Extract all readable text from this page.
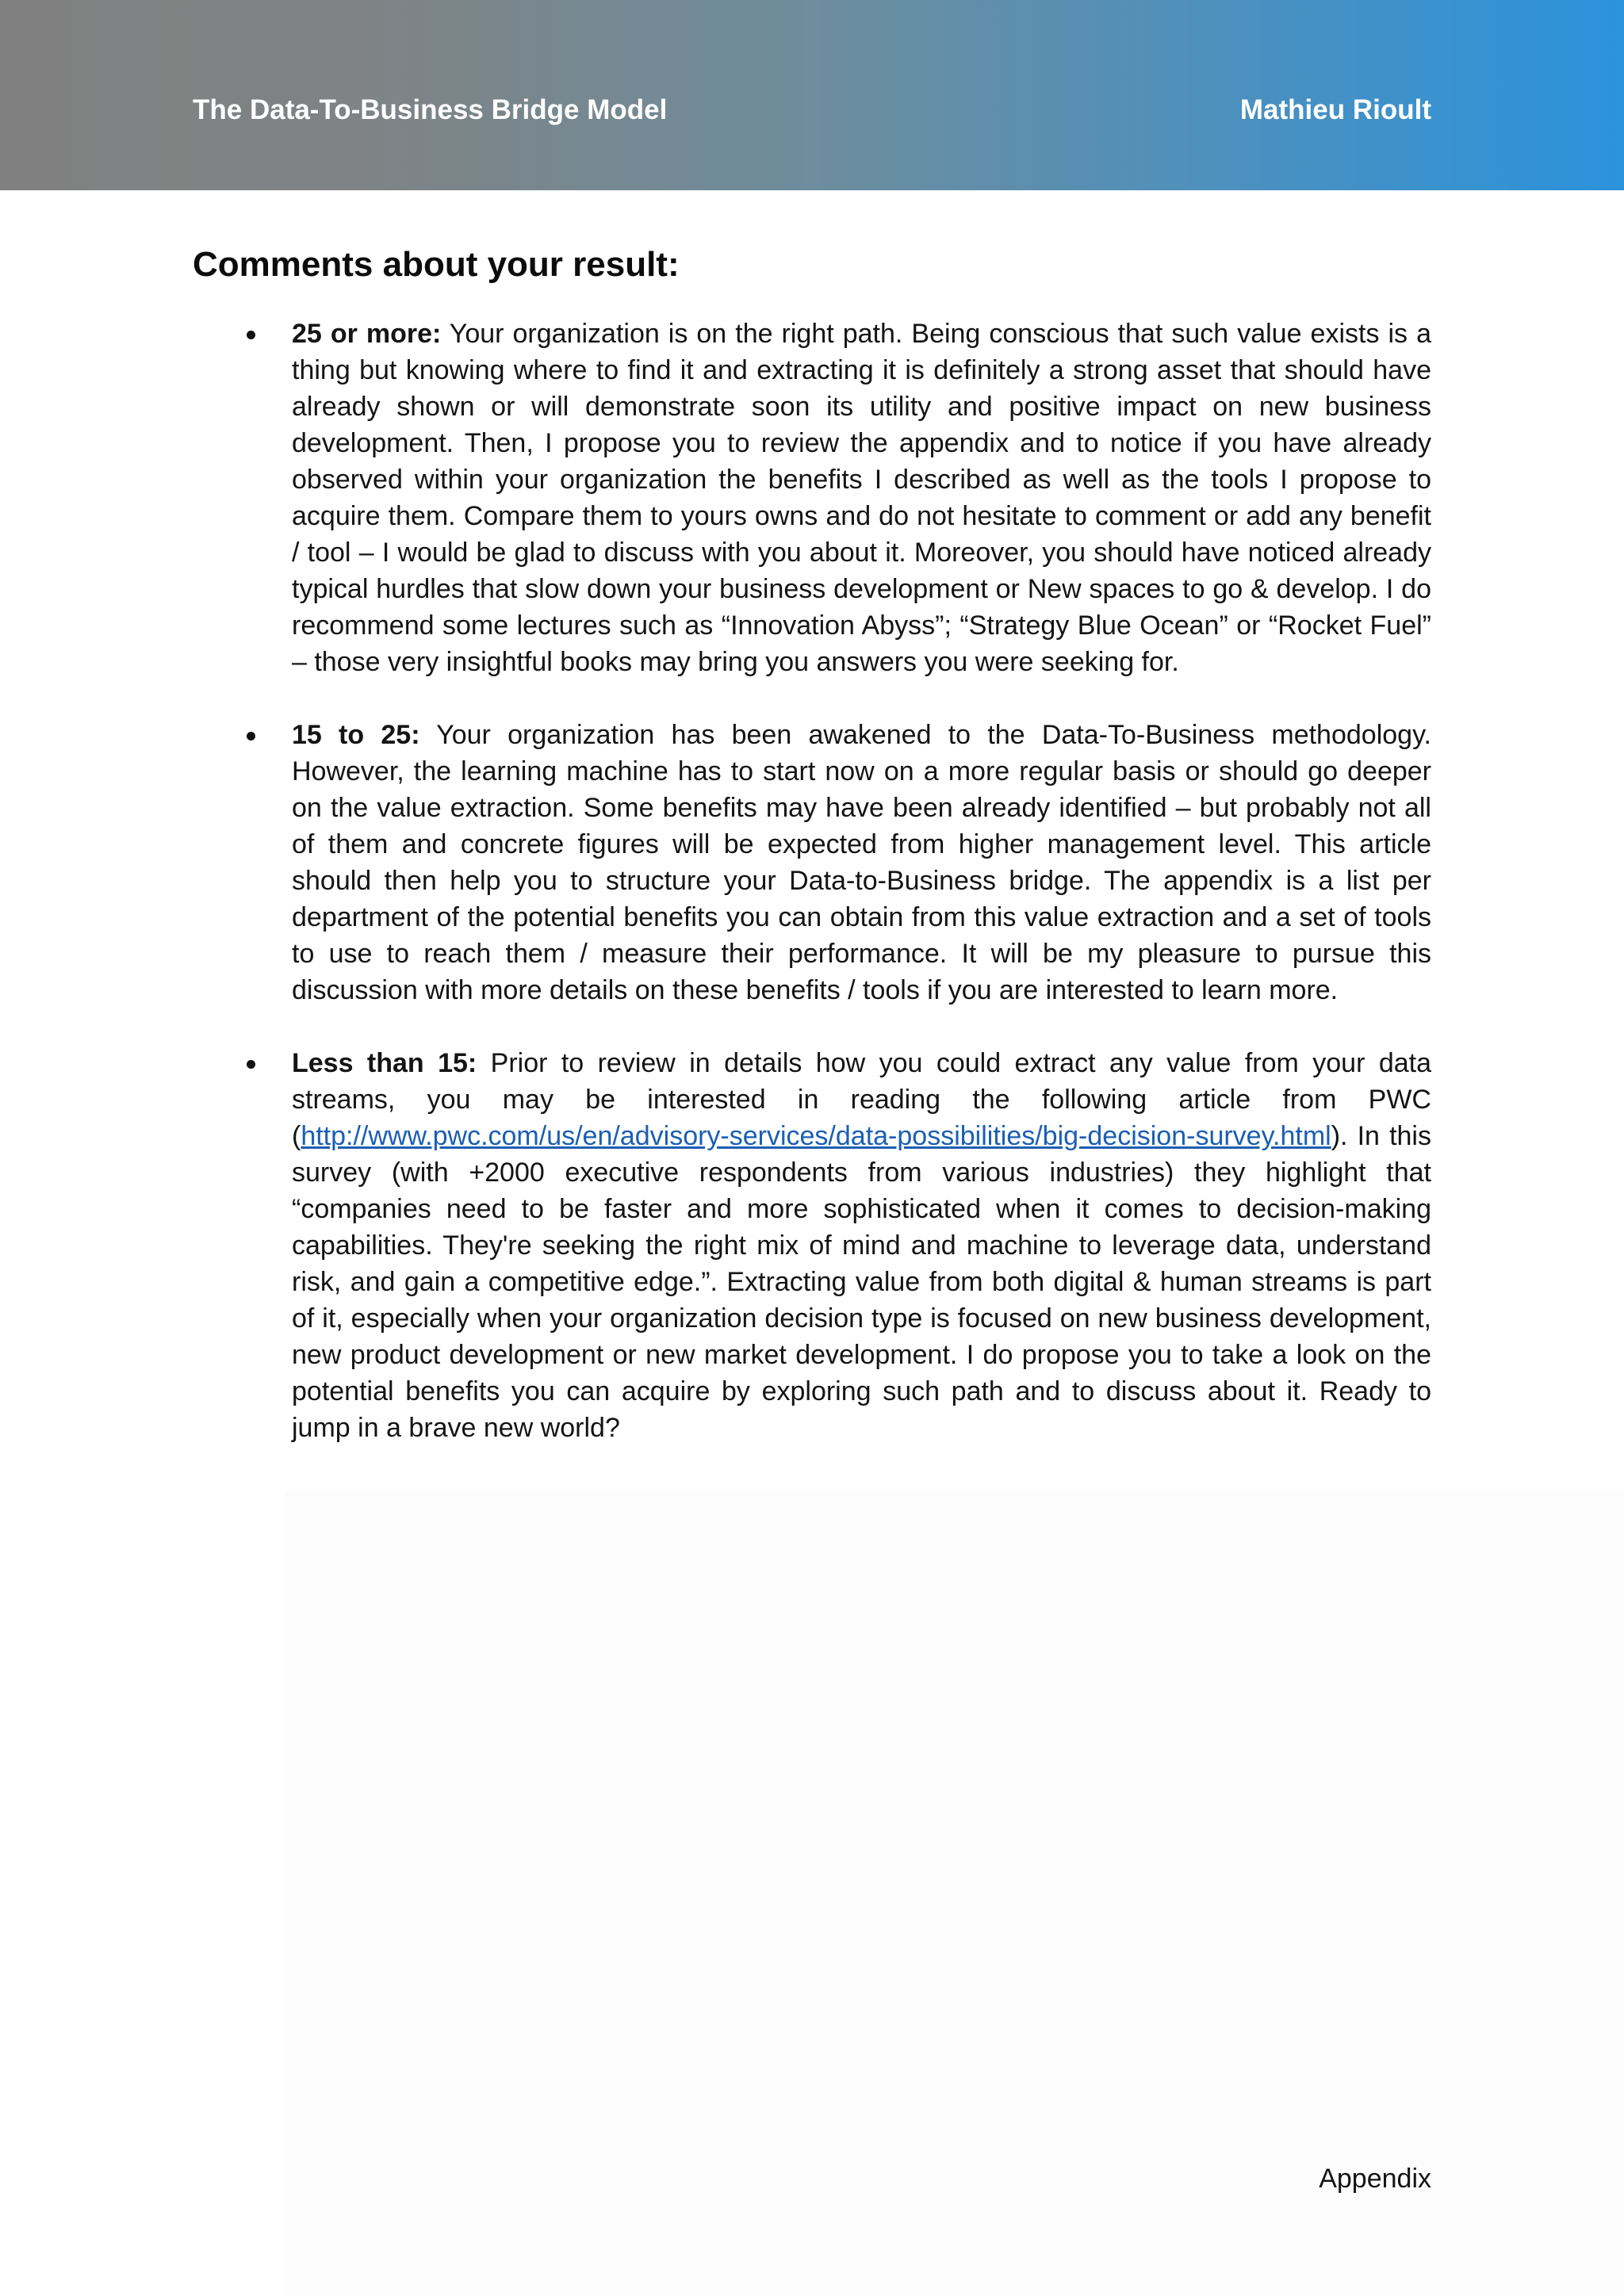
The Data-To-Business Bridge Model	Mathieu Rioult
Comments about your result:
25 or more: Your organization is on the right path. Being conscious that such value exists is a thing but knowing where to find it and extracting it is definitely a strong asset that should have already shown or will demonstrate soon its utility and positive impact on new business development. Then, I propose you to review the appendix and to notice if you have already observed within your organization the benefits I described as well as the tools I propose to acquire them. Compare them to yours owns and do not hesitate to comment or add any benefit / tool – I would be glad to discuss with you about it. Moreover, you should have noticed already typical hurdles that slow down your business development or New spaces to go & develop. I do recommend some lectures such as “Innovation Abyss”; “Strategy Blue Ocean” or “Rocket Fuel” – those very insightful books may bring you answers you were seeking for.
15 to 25: Your organization has been awakened to the Data-To-Business methodology. However, the learning machine has to start now on a more regular basis or should go deeper on the value extraction. Some benefits may have been already identified – but probably not all of them and concrete figures will be expected from higher management level. This article should then help you to structure your Data-to-Business bridge. The appendix is a list per department of the potential benefits you can obtain from this value extraction and a set of tools to use to reach them / measure their performance. It will be my pleasure to pursue this discussion with more details on these benefits / tools if you are interested to learn more.
Less than 15: Prior to review in details how you could extract any value from your data streams, you may be interested in reading the following article from PWC (http://www.pwc.com/us/en/advisory-services/data-possibilities/big-decision-survey.html). In this survey (with +2000 executive respondents from various industries) they highlight that “companies need to be faster and more sophisticated when it comes to decision-making capabilities. They're seeking the right mix of mind and machine to leverage data, understand risk, and gain a competitive edge.”. Extracting value from both digital & human streams is part of it, especially when your organization decision type is focused on new business development, new product development or new market development. I do propose you to take a look on the potential benefits you can acquire by exploring such path and to discuss about it. Ready to jump in a brave new world?
Appendix
